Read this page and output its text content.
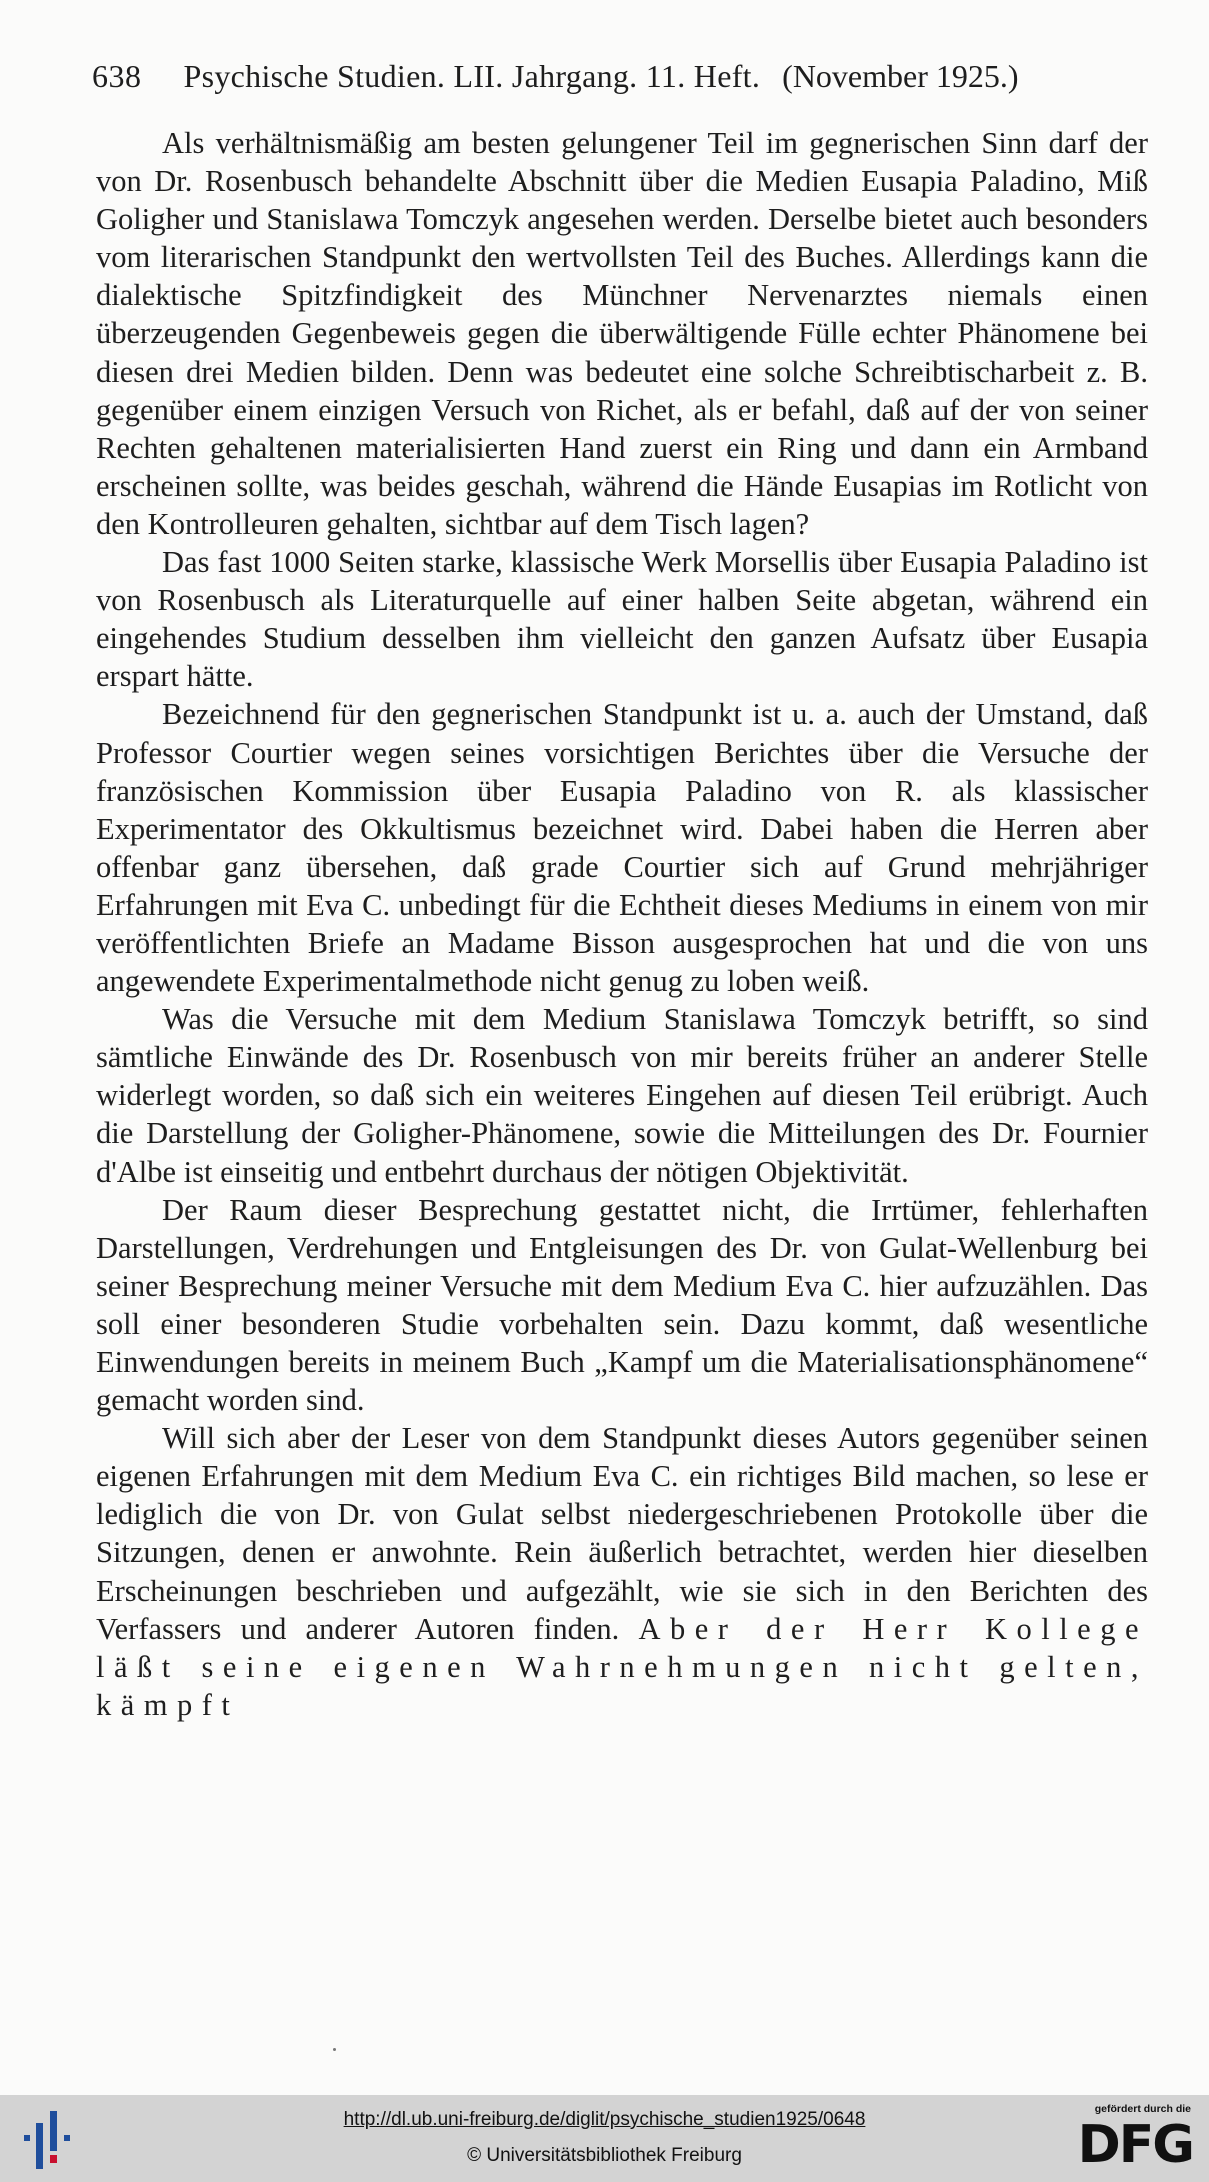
638 Psychische Studien. LII. Jahrgang. 11. Heft. (November 1925.)

Als verhältnismäßig am besten gelungener Teil im gegnerischen Sinn darf der von Dr. Rosenbusch behandelte Abschnitt über die Medien Eusapia Paladino, Miß Goligher und Stanislawa Tomczyk angesehen werden. Derselbe bietet auch besonders vom literarischen Standpunkt den wertvollsten Teil des Buches. Allerdings kann die dialektische Spitzfindigkeit des Münchner Nervenarztes niemals einen überzeugenden Gegenbeweis gegen die überwältigende Fülle echter Phänomene bei diesen drei Medien bilden. Denn was bedeutet eine solche Schreibtischarbeit z. B. gegenüber einem einzigen Versuch von Richet, als er befahl, daß auf der von seiner Rechten gehaltenen materialisierten Hand zuerst ein Ring und dann ein Armband erscheinen sollte, was beides geschah, während die Hände Eusapias im Rotlicht von den Kontrolleuren gehalten, sichtbar auf dem Tisch lagen?

Das fast 1000 Seiten starke, klassische Werk Morsellis über Eusapia Paladino ist von Rosenbusch als Literaturquelle auf einer halben Seite abgetan, während ein eingehendes Studium desselben ihm vielleicht den ganzen Aufsatz über Eusapia erspart hätte.

Bezeichnend für den gegnerischen Standpunkt ist u. a. auch der Umstand, daß Professor Courtier wegen seines vorsichtigen Berichtes über die Versuche der französischen Kommission über Eusapia Paladino von R. als klassischer Experimentator des Okkultismus bezeichnet wird. Dabei haben die Herren aber offenbar ganz übersehen, daß grade Courtier sich auf Grund mehrjähriger Erfahrungen mit Eva C. unbedingt für die Echtheit dieses Mediums in einem von mir veröffentlichten Briefe an Madame Bisson ausgesprochen hat und die von uns angewendete Experimentalmethode nicht genug zu loben weiß.

Was die Versuche mit dem Medium Stanislawa Tomczyk betrifft, so sind sämtliche Einwände des Dr. Rosenbusch von mir bereits früher an anderer Stelle widerlegt worden, so daß sich ein weiteres Eingehen auf diesen Teil erübrigt. Auch die Darstellung der Goligher-Phänomene, sowie die Mitteilungen des Dr. Fournier d'Albe ist einseitig und entbehrt durchaus der nötigen Objektivität.

Der Raum dieser Besprechung gestattet nicht, die Irrtümer, fehlerhaften Darstellungen, Verdrehungen und Entgleisungen des Dr. von Gulat-Wellenburg bei seiner Besprechung meiner Versuche mit dem Medium Eva C. hier aufzuzählen. Das soll einer besonderen Studie vorbehalten sein. Dazu kommt, daß wesentliche Einwendungen bereits in meinem Buch „Kampf um die Materialisationsphänomene“ gemacht worden sind.

Will sich aber der Leser von dem Standpunkt dieses Autors gegenüber seinen eigenen Erfahrungen mit dem Medium Eva C. ein richtiges Bild machen, so lese er lediglich die von Dr. von Gulat selbst niedergeschriebenen Protokolle über die Sitzungen, denen er anwohnte. Rein äußerlich betrachtet, werden hier dieselben Erscheinungen beschrieben und aufgezählt, wie sie sich in den Berichten des Verfassers und anderer Autoren finden. Aber der Herr Kollege läßt seine eigenen Wahrnehmungen nicht gelten, kämpft

http://dl.ub.uni-freiburg.de/diglit/psychische_studien1925/0648
© Universitätsbibliothek Freiburg
gefördert durch die
DFG
